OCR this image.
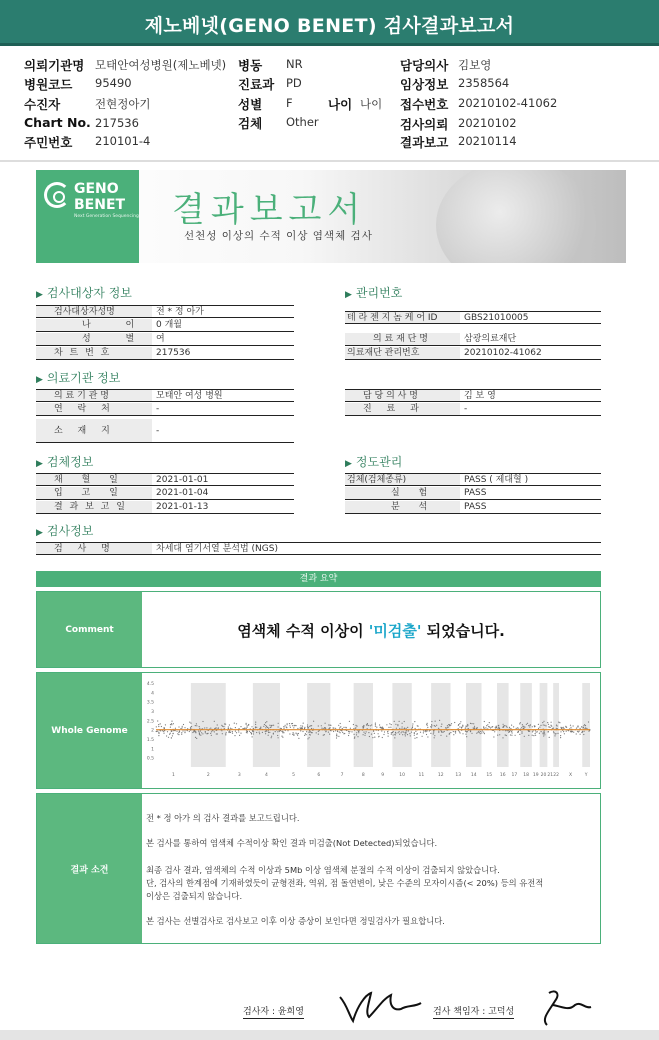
제노베넷(GENO BENET) 검사결과보고서
의뢰기관명 모태안여성병원(제노베넷) 병동 NR	담당의사 김보영
병원코드 95490	진료과 PD	임상정보 2358564
수진자	전현정아기	성별 F	나이 나이 접수번호 20210102-41062
Chart No. 217536	검체 Other	검사의뢰 20210102
주민번호 210101-4	결과보고 20210114
GENO
BENET
Next Generation Sequencing 결과보고서
선천성 이상의 수적 이상 염색체 검사
▶ 검사대상자 정보	▶ 관리번호
▶ 의료기관 정보
▶ 검체정보	▶ 정도관리
▶ 검사정보
검사대상자성명	전 * 정 아가
나 이 0 개월
성 별 여
차 트 번 호	217536
테 라 젠 지 놈 케 어 ID	GBS21010005
의 료 재 단 명	삼광의료재단
의료재단 관리번호	20210102-41062
의 료 기 관 명	모태안 여성 병원
연 락 처	-
소 재 지	-
담 당 의 사 명	김 보 영
진 료 과	-
채 혈 일	2021-01-01
입 고 일	2021-01-04
결 과 보 고 일	2021-01-13
검체(검체종류)	PASS ( 제대혈 )
실 험	PASS
분 석	PASS
검 사 명	차세대 염기서열 분석법 (NGS)
결과 요약
Comment	염색체 수적 이상이 '미검출' 되었습니다.
Whole Genome
4.5
4
3.5
3
2.5
2
1.5
1
0.5
1	2	3	4	5	6	7	8	9	10	11	12	13 14 15 16 17 18 19 20 21 22 X	Y
결과 소견
전 * 정 아가 의 검사 결과를 보고드립니다.
본 검사를 통하여 염색체 수적이상 확인 결과 미검출(Not Detected)되었습니다.
최종 검사 결과, 염색체의 수적 이상과 5Mb 이상 염색체 분절의 수적 이상이 검출되지 않았습니다.
단, 검사의 한계점에 기재하였듯이 균형전좌, 역위, 점 돌연변이, 낮은 수준의 모자이시즘(< 20%) 등의 유전적
이상은 검출되지 않습니다.
본 검사는 선별검사로 검사보고 이후 이상 증상이 보인다면 정밀검사가 필요합니다.
검사자 : 윤희영	검사 책임자 : 고덕성
